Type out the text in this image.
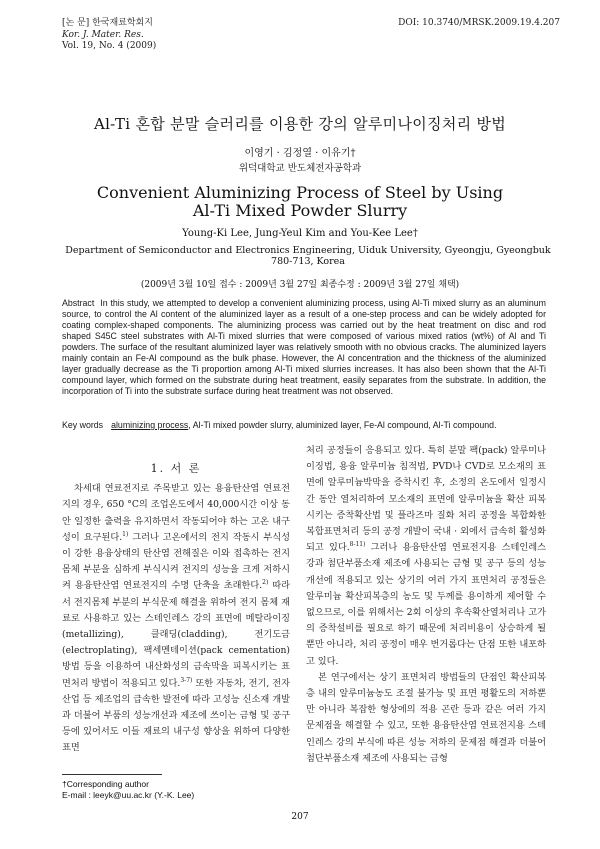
[논 문] 한국재료학회지
Kor. J. Mater. Res.
Vol. 19, No. 4 (2009)
DOI: 10.3740/MRSK.2009.19.4.207
Al-Ti 혼합 분말 슬러리를 이용한 강의 알루미나이징처리 방법
이영기 · 김정열 · 이유기†
위덕대학교 반도체전자공학과
Convenient Aluminizing Process of Steel by Using
Al-Ti Mixed Powder Slurry
Young-Ki Lee, Jung-Yeul Kim and You-Kee Lee†
Department of Semiconductor and Electronics Engineering, Uiduk University, Gyeongju, Gyeongbuk 780-713, Korea
(2009년 3월 10일 접수 : 2009년 3월 27일 최종수정 : 2009년 3월 27일 채택)
Abstract In this study, we attempted to develop a convenient aluminizing process, using Al-Ti mixed slurry as an aluminum source, to control the Al content of the aluminized layer as a result of a one-step process and can be widely adopted for coating complex-shaped components. The aluminizing process was carried out by the heat treatment on disc and rod shaped S45C steel substrates with Al-Ti mixed slurries that were composed of various mixed ratios (wt%) of Al and Ti powders. The surface of the resultant aluminized layer was relatively smooth with no obvious cracks. The aluminized layers mainly contain an Fe-Al compound as the bulk phase. However, the Al concentration and the thickness of the aluminized layer gradually decrease as the Ti proportion among Al-Ti mixed slurries increases. It has also been shown that the Al-Ti compound layer, which formed on the substrate during heat treatment, easily separates from the substrate. In addition, the incorporation of Ti into the substrate surface during heat treatment was not observed.
Key words aluminizing process, Al-Ti mixed powder slurry, aluminized layer, Fe-Al compound, Al-Ti compound.
1. 서 론

차세대 연료전지로 주목받고 있는 용융탄산염 연료전지의 경우, 650 °C의 조업온도에서 40,000시간 이상 동안 일정한 출력을 유지하면서 작동되어야 하는 고온 내구성이 요구된다.$^{1)}$ 그러나 고온에서의 전지 작동시 부식성이 강한 용융상태의 탄산염 전해질은 이와 접촉하는 전지몸체 부분을 심하게 부식시켜 전지의 성능을 크게 저하시켜 용융탄산염 연료전지의 수명 단축을 초래한다.$^{2)}$ 따라서 전지몸체 부분의 부식문제 해결을 위하여 전지 몸체 재료로 사용하고 있는 스테인레스 강의 표면에 메탈라이징(metallizing), 클래딩(cladding), 전기도금(electroplating), 팩세멘테이션(pack cementation) 방법 등을 이용하여 내산화성의 금속막을 피복시키는 표면처리 방법이 적용되고 있다.$^{3-7)}$ 또한 자동차, 전기, 전자산업 등 제조업의 급속한 발전에 따라 고성능 신소재 개발과 더불어 부품의 성능개선과 제조에 쓰이는 금형 및 공구 등에 있어서도 이들 재료의 내구성 향상을 위하여 다양한 표면

처리 공정들이 응용되고 있다. 특히 분말 팩(pack) 알루미나이징법, 용융 알루미늄 침적법, PVD나 CVD로 모소재의 표면에 알루미늄박막을 증착시킨 후, 소정의 온도에서 일정시간 동안 열처리하여 모소재의 표면에 알루미늄을 확산 피복시키는 증착확산법 및 플라즈마 질화 처리 공정을 복합화한 복합표면처리 등의 공정 개발이 국내 · 외에서 급속히 활성화되고 있다.$^{8-11)}$ 그러나 용융탄산염 연료전지용 스테인레스 강과 첨단부품소재 제조에 사용되는 금형 및 공구 등의 성능 개선에 적용되고 있는 상기의 여러 가지 표면처리 공정들은 알루미늄 확산피복층의 농도 및 두께를 용이하게 제어할 수 없으므로, 이를 위해서는 2회 이상의 후속확산열처리나 고가의 증착설비를 필요로 하기 때문에 처리비용이 상승하게 될 뿐만 아니라, 처리 공정이 매우 번거롭다는 단점 또한 내포하고 있다.

본 연구에서는 상기 표면처리 방법들의 단점인 확산피복층 내의 알루미늄농도 조절 불가능 및 표면 평활도의 저하뿐만 아니라 복잡한 형상에의 적용 곤란 등과 같은 여러 가지 문제점을 해결할 수 있고, 또한 용융탄산염 연료전지용 스테인레스 강의 부식에 따른 성능 저하의 문제점 해결과 더불어 첨단부품소재 제조에 사용되는 금형

†Corresponding author
E-mail : leeyk@uu.ac.kr (Y.-K. Lee)
207
